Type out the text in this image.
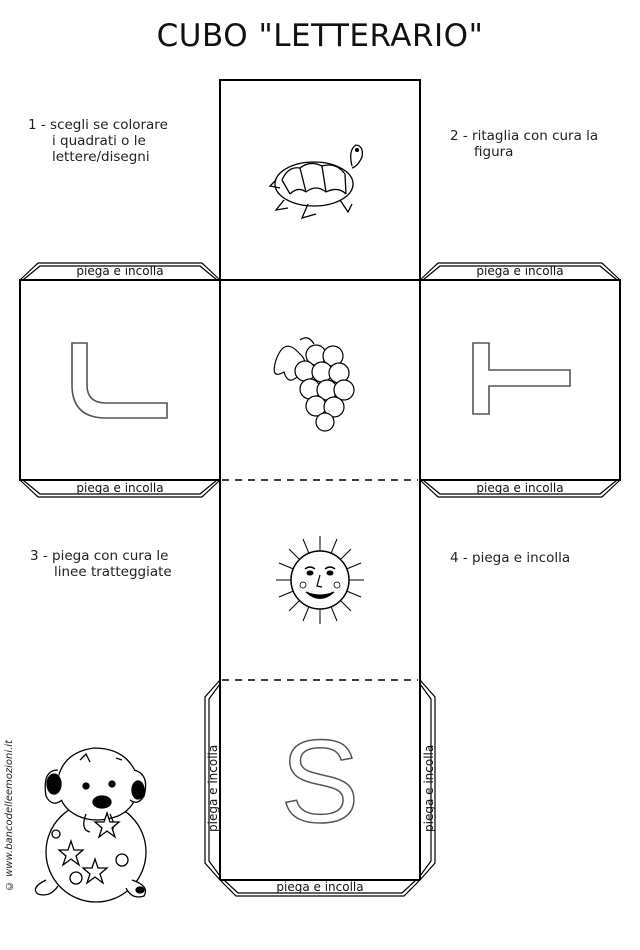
CUBO "LETTERARIO"
1 - scegli se colorare

i quadrati o le
lettere/disegni
2 - ritaglia con cura la

figura
3 - piega con cura le

linee tratteggiate
4 - piega e incolla
S
piega e incolla	piega e incolla
piega e incolla	piega e incolla
piega e incolla
piega e incolla	piega e incolla
© www.bancodelleemozioni.it
